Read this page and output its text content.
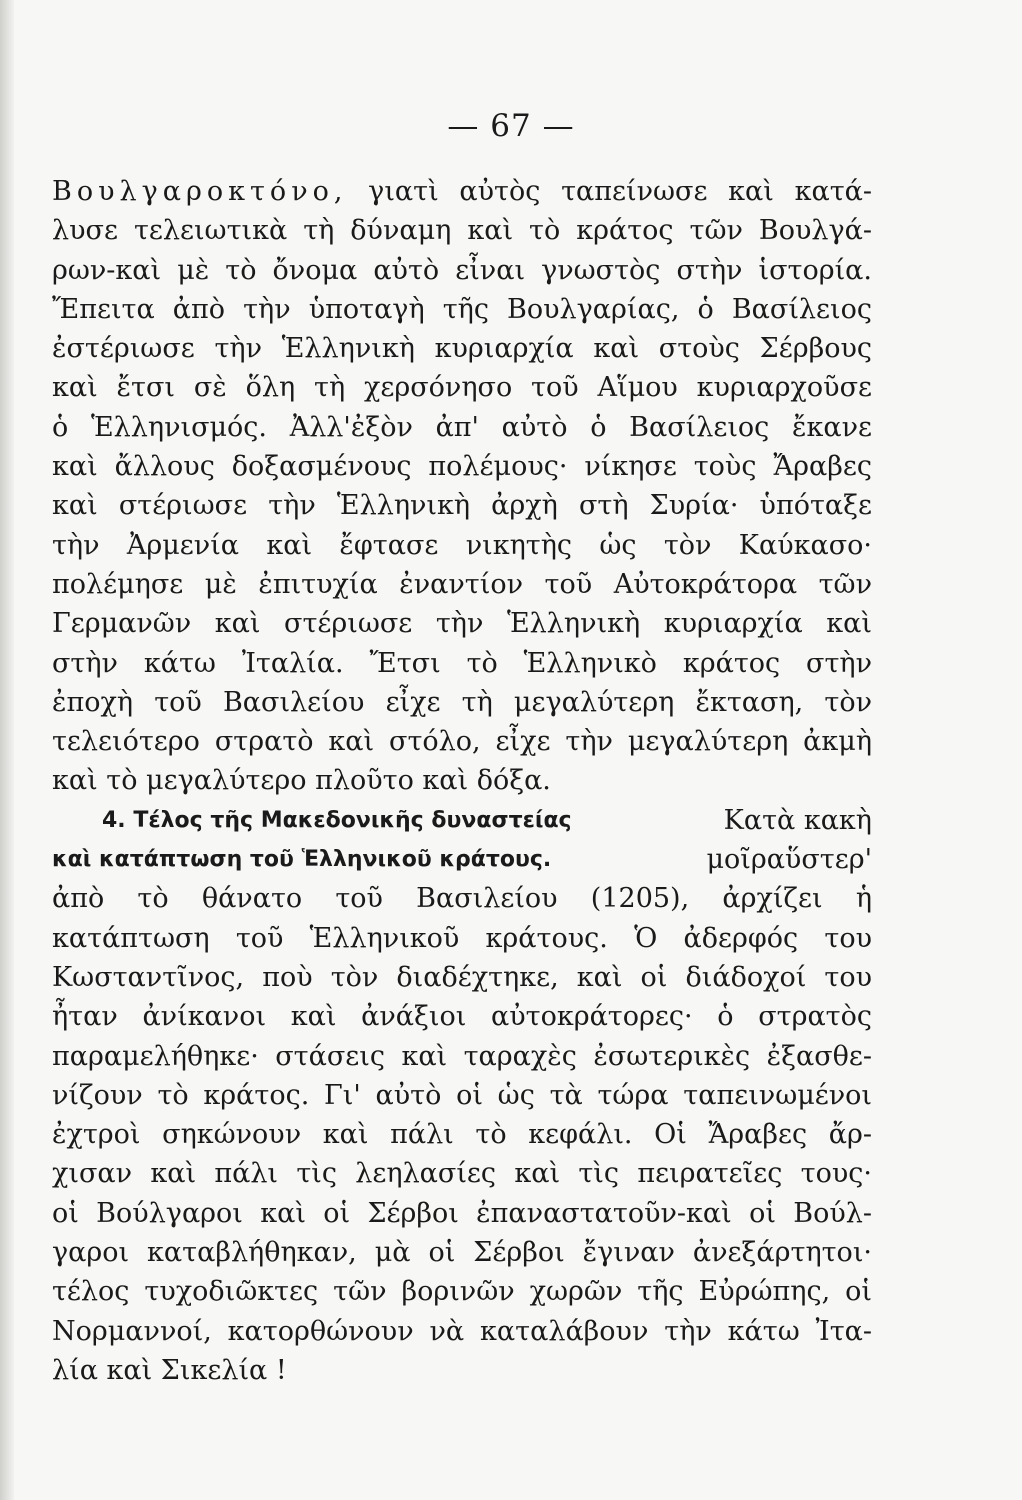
— 67 —
Βουλγαροκτόνο, γιατὶ αὐτὸς ταπείνωσε καὶ κατά-
λυσε τελειωτικὰ τὴ δύναμη καὶ τὸ κράτος τῶν Βουλγά-
ρων-καὶ μὲ τὸ ὄνομα αὐτὸ εἶναι γνωστὸς στὴν ἱστορία.
Ἔπειτα ἀπὸ τὴν ὑποταγὴ τῆς Βουλγαρίας, ὁ Βασίλειος
ἐστέριωσε τὴν Ἑλληνικὴ κυριαρχία καὶ στοὺς Σέρβους
καὶ ἔτσι σὲ ὅλη τὴ χερσόνησο τοῦ Αἵμου κυριαρχοῦσε
ὁ Ἑλληνισμός. Ἀλλ'ἐξὸν ἀπ' αὐτὸ ὁ Βασίλειος ἔκανε
καὶ ἄλλους δοξασμένους πολέμους· νίκησε τοὺς Ἄραβες
καὶ στέριωσε τὴν Ἑλληνικὴ ἀρχὴ στὴ Συρία· ὑπόταξε
τὴν Ἀρμενία καὶ ἔφτασε νικητὴς ὡς τὸν Καύκασο·
πολέμησε μὲ ἐπιτυχία ἐναντίον τοῦ Αὐτοκράτορα τῶν
Γερμανῶν καὶ στέριωσε τὴν Ἑλληνικὴ κυριαρχία καὶ
στὴν κάτω Ἰταλία. Ἔτσι τὸ Ἑλληνικὸ κράτος στὴν
ἐποχὴ τοῦ Βασιλείου εἶχε τὴ μεγαλύτερη ἔκταση, τὸν
τελειότερο στρατὸ καὶ στόλο, εἶχε τὴν μεγαλύτερη ἀκμὴ
καὶ τὸ μεγαλύτερο πλοῦτο καὶ δόξα.
4. Τέλος τῆς Μακεδονικῆς δυναστείας	Κατὰ κακὴ
καὶ κατάπτωση τοῦ Ἑλληνικοῦ κράτους.	μοῖραὕστερ'
ἀπὸ τὸ θάνατο τοῦ Βασιλείου (1205), ἀρχίζει ἡ
κατάπτωση τοῦ Ἑλληνικοῦ κράτους. Ὁ ἀδερφός του
Κωσταντῖνος, ποὺ τὸν διαδέχτηκε, καὶ οἱ διάδοχοί του
ἦταν ἀνίκανοι καὶ ἀνάξιοι αὐτοκράτορες· ὁ στρατὸς
παραμελήθηκε· στάσεις καὶ ταραχὲς ἐσωτερικὲς ἐξασθε-
νίζουν τὸ κράτος. Γι' αὐτὸ οἱ ὡς τὰ τώρα ταπεινωμένοι
ἐχτροὶ σηκώνουν καὶ πάλι τὸ κεφάλι. Οἱ Ἄραβες ἄρ-
χισαν καὶ πάλι τὶς λεηλασίες καὶ τὶς πειρατεῖες τους·
οἱ Βούλγαροι καὶ οἱ Σέρβοι ἐπαναστατοῦν-καὶ οἱ Βούλ-
γαροι καταβλήθηκαν, μὰ οἱ Σέρβοι ἔγιναν ἀνεξάρτητοι·
τέλος τυχοδιῶκτες τῶν βορινῶν χωρῶν τῆς Εὐρώπης, οἱ
Νορμαννοί, κατορθώνουν νὰ καταλάβουν τὴν κάτω Ἰτα-
λία καὶ Σικελία !
